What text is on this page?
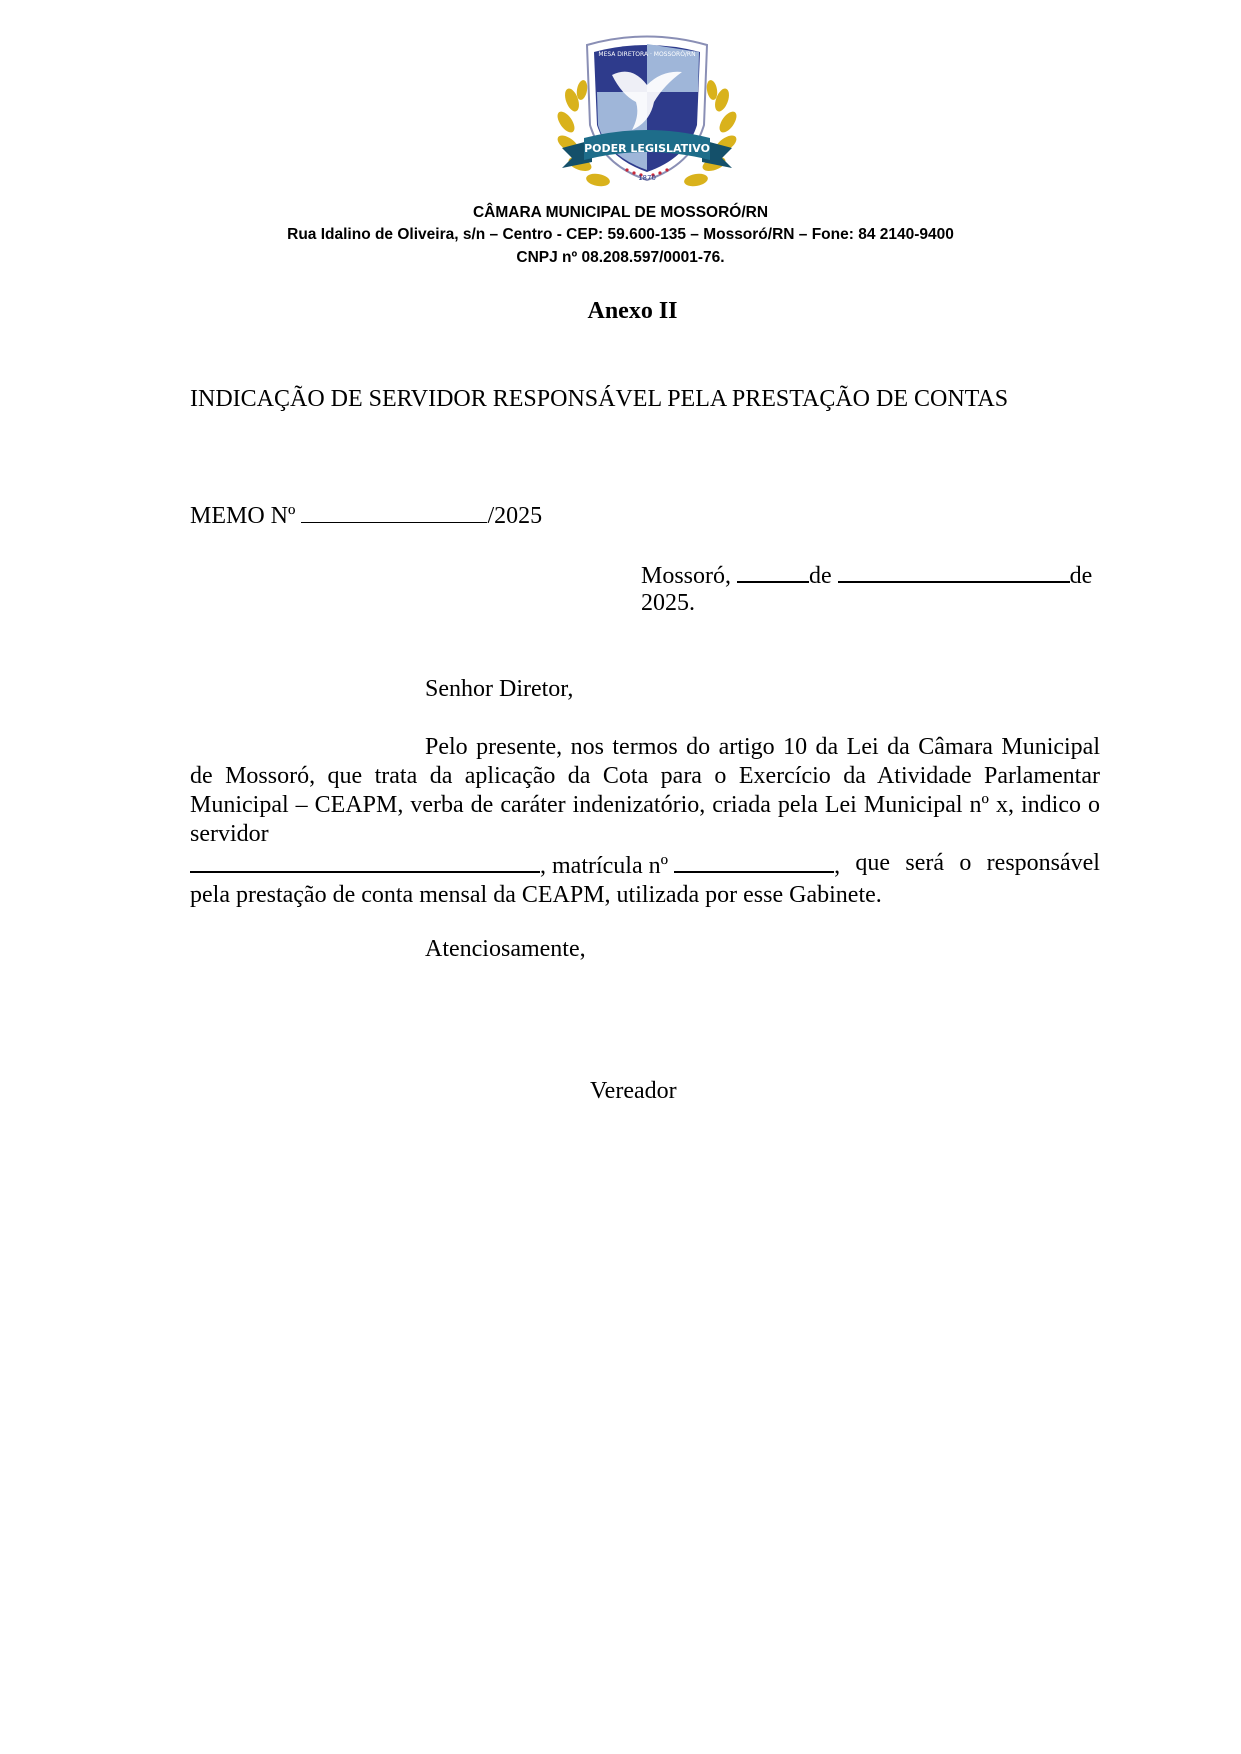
MESA DIRETORA · MOSSORÓ/RN
PODER LEGISLATIVO
1870
CÂMARA MUNICIPAL DE MOSSORÓ/RN
Rua Idalino de Oliveira, s/n – Centro - CEP: 59.600-135 – Mossoró/RN – Fone: 84 2140-9400
CNPJ nº 08.208.597/0001-76.
Anexo II
INDICAÇÃO DE SERVIDOR RESPONSÁVEL PELA PRESTAÇÃO DE CONTAS
MEMO Nº	/2025
Mossoró,	de	de
2025.
Senhor Diretor,

Pelo presente, nos termos do artigo 10 da Lei da Câmara Municipal de Mossoró, que trata da aplicação da Cota para o Exercício da Atividade Parlamentar Municipal – CEAPM, verba de caráter indenizatório, criada pela Lei Municipal nº x, indico o servidor

, matrícula nº	, que será o responsável

pela prestação de conta mensal da CEAPM, utilizada por esse Gabinete.

Atenciosamente,
Vereador
